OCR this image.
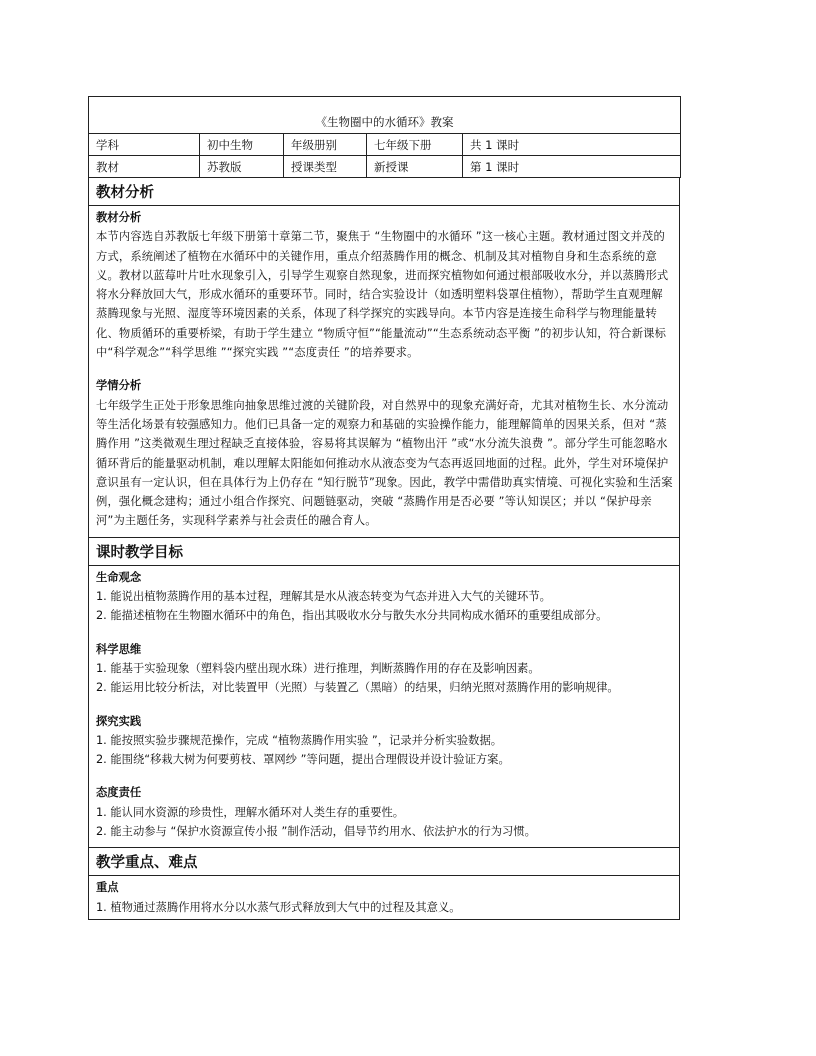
《生物圈中的水循环》教案				
学科	初中生物	年级册别	七年级下册	共 1 课时
教材	苏教版	授课类型	新授课	第 1 课时
教材分析
教材分析
本节内容选自苏教版七年级下册第十章第二节，聚焦于 “生物圈中的水循环 ”这一核心主题。教材通过图文并茂的方式，系统阐述了植物在水循环中的关键作用，重点介绍蒸腾作用的概念、机制及其对植物自身和生态系统的意义。教材以蓝莓叶片吐水现象引入，引导学生观察自然现象，进而探究植物如何通过根部吸收水分，并以蒸腾形式将水分释放回大气，形成水循环的重要环节。同时，结合实验设计（如透明塑料袋罩住植物），帮助学生直观理解蒸腾现象与光照、湿度等环境因素的关系，体现了科学探究的实践导向。本节内容是连接生命科学与物理能量转化、物质循环的重要桥梁，有助于学生建立 “物质守恒”“能量流动”“生态系统动态平衡 ”的初步认知，符合新课标中“科学观念”“科学思维 ”“探究实践 ”“态度责任 ”的培养要求。
学情分析
七年级学生正处于形象思维向抽象思维过渡的关键阶段，对自然界中的现象充满好奇，尤其对植物生长、水分流动等生活化场景有较强感知力。他们已具备一定的观察力和基础的实验操作能力，能理解简单的因果关系，但对 “蒸腾作用 ”这类微观生理过程缺乏直接体验，容易将其误解为 “植物出汗 ”或“水分流失浪费 ”。部分学生可能忽略水循环背后的能量驱动机制，难以理解太阳能如何推动水从液态变为气态再返回地面的过程。此外，学生对环境保护意识虽有一定认识，但在具体行为上仍存在 “知行脱节”现象。因此，教学中需借助真实情境、可视化实验和生活案例，强化概念建构；通过小组合作探究、问题链驱动，突破 “蒸腾作用是否必要 ”等认知误区；并以 “保护母亲河”为主题任务，实现科学素养与社会责任的融合育人。
课时教学目标
生命观念
1. 能说出植物蒸腾作用的基本过程，理解其是水从液态转变为气态并进入大气的关键环节。
2. 能描述植物在生物圈水循环中的角色，指出其吸收水分与散失水分共同构成水循环的重要组成部分。
科学思维
1. 能基于实验现象（塑料袋内壁出现水珠）进行推理，判断蒸腾作用的存在及影响因素。
2. 能运用比较分析法，对比装置甲（光照）与装置乙（黑暗）的结果，归纳光照对蒸腾作用的影响规律。
探究实践
1. 能按照实验步骤规范操作，完成 “植物蒸腾作用实验 ”，记录并分析实验数据。
2. 能围绕“移栽大树为何要剪枝、罩网纱 ”等问题，提出合理假设并设计验证方案。
态度责任
1. 能认同水资源的珍贵性，理解水循环对人类生存的重要性。
2. 能主动参与 “保护水资源宣传小报 ”制作活动，倡导节约用水、依法护水的行为习惯。
教学重点、难点
重点
1. 植物通过蒸腾作用将水分以水蒸气形式释放到大气中的过程及其意义。
